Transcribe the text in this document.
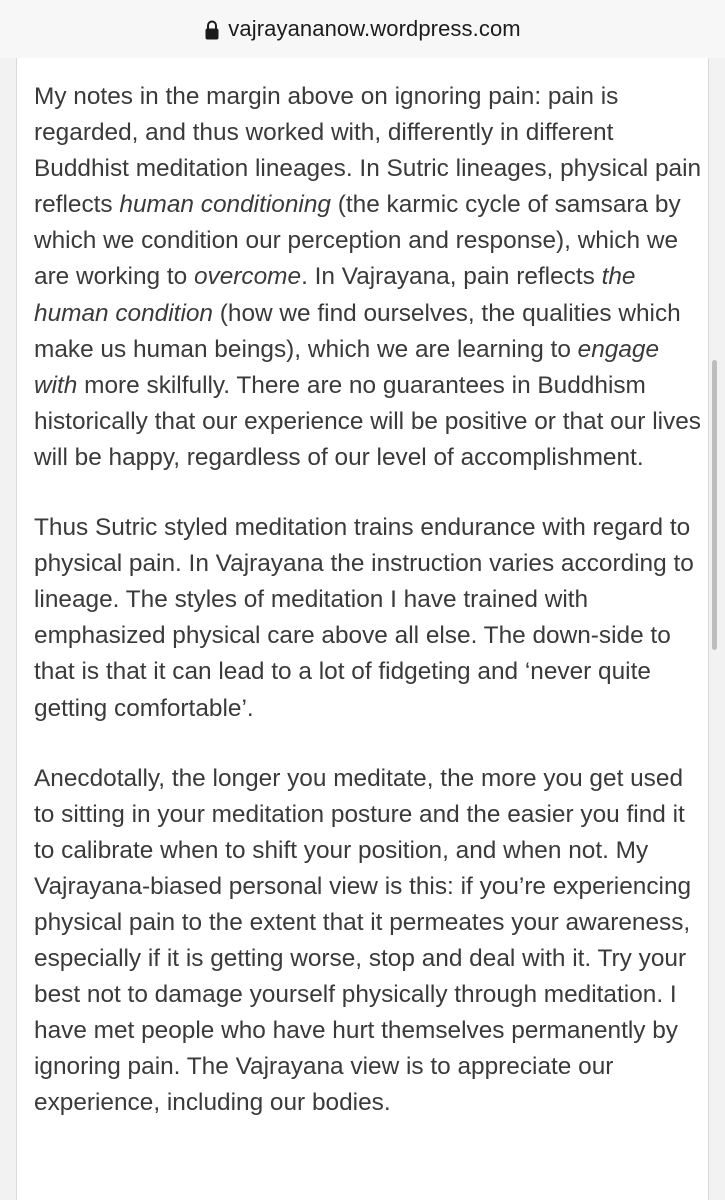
vajrayananow.wordpress.com

My notes in the margin above on ignoring pain: pain is regarded, and thus worked with, differently in different Buddhist meditation lineages. In Sutric lineages, physical pain reflects human conditioning (the karmic cycle of samsara by which we condition our perception and response), which we are working to overcome. In Vajrayana, pain reflects the human condition (how we find ourselves, the qualities which make us human beings), which we are learning to engage with more skilfully. There are no guarantees in Buddhism historically that our experience will be positive or that our lives will be happy, regardless of our level of accomplishment.

Thus Sutric styled meditation trains endurance with regard to physical pain. In Vajrayana the instruction varies according to lineage. The styles of meditation I have trained with emphasized physical care above all else. The down-side to that is that it can lead to a lot of fidgeting and ‘never quite getting comfortable’.

Anecdotally, the longer you meditate, the more you get used to sitting in your meditation posture and the easier you find it to calibrate when to shift your position, and when not. My Vajrayana-biased personal view is this: if you’re experiencing physical pain to the extent that it permeates your awareness, especially if it is getting worse, stop and deal with it. Try your best not to damage yourself physically through meditation. I have met people who have hurt themselves permanently by ignoring pain. The Vajrayana view is to appreciate our experience, including our bodies.
